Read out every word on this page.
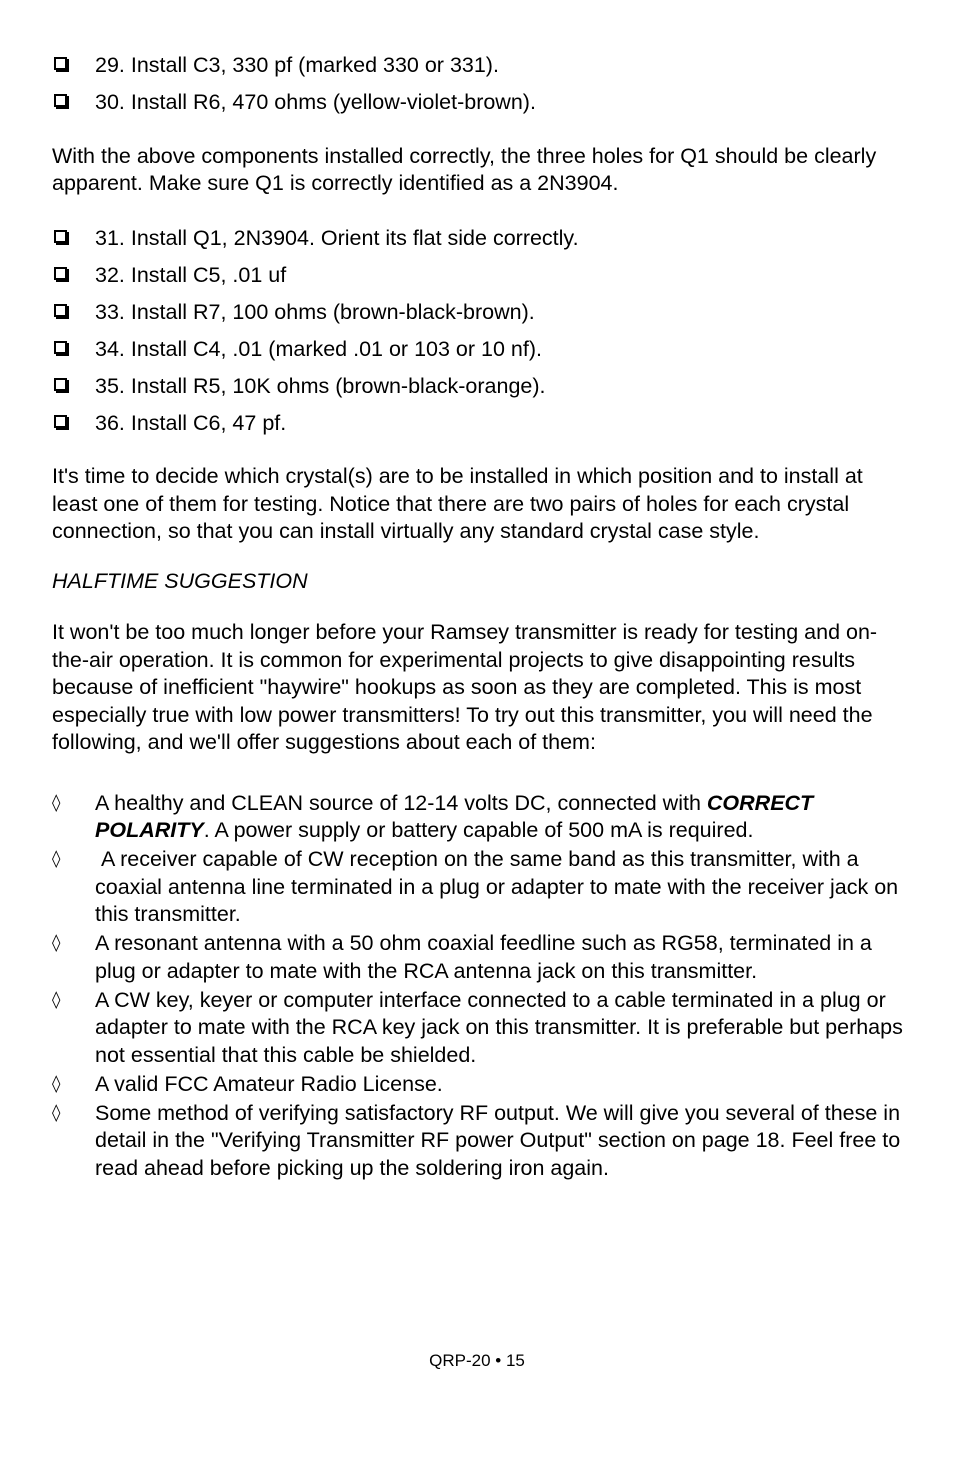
29. Install C3, 330 pf (marked 330 or 331).
30. Install R6, 470 ohms (yellow-violet-brown).

With the above components installed correctly, the three holes for Q1 should be clearly apparent. Make sure Q1 is correctly identified as a 2N3904.

31. Install Q1, 2N3904. Orient its flat side correctly.
32. Install C5, .01 uf
33. Install R7, 100 ohms (brown-black-brown).
34. Install C4, .01 (marked .01 or 103 or 10 nf).
35. Install R5, 10K ohms (brown-black-orange).
36. Install C6, 47 pf.

It's time to decide which crystal(s) are to be installed in which position and to install at least one of them for testing. Notice that there are two pairs of holes for each crystal connection, so that you can install virtually any standard crystal case style.

HALFTIME SUGGESTION

It won't be too much longer before your Ramsey transmitter is ready for testing and on-the-air operation. It is common for experimental projects to give disappointing results because of inefficient "haywire" hookups as soon as they are completed. This is most especially true with low power transmitters! To try out this transmitter, you will need the following, and we'll offer suggestions about each of them:

◊	A healthy and CLEAN source of 12-14 volts DC, connected with CORRECT POLARITY. A power supply or battery capable of 500 mA is required.
◊	A receiver capable of CW reception on the same band as this transmitter, with a coaxial antenna line terminated in a plug or adapter to mate with the receiver jack on this transmitter.
◊	A resonant antenna with a 50 ohm coaxial feedline such as RG58, terminated in a plug or adapter to mate with the RCA antenna jack on this transmitter.
◊	A CW key, keyer or computer interface connected to a cable terminated in a plug or adapter to mate with the RCA key jack on this transmitter. It is preferable but perhaps not essential that this cable be shielded.
◊	A valid FCC Amateur Radio License.
◊	Some method of verifying satisfactory RF output. We will give you several of these in detail in the "Verifying Transmitter RF power Output" section on page 18. Feel free to read ahead before picking up the soldering iron again.
QRP-20 • 15
